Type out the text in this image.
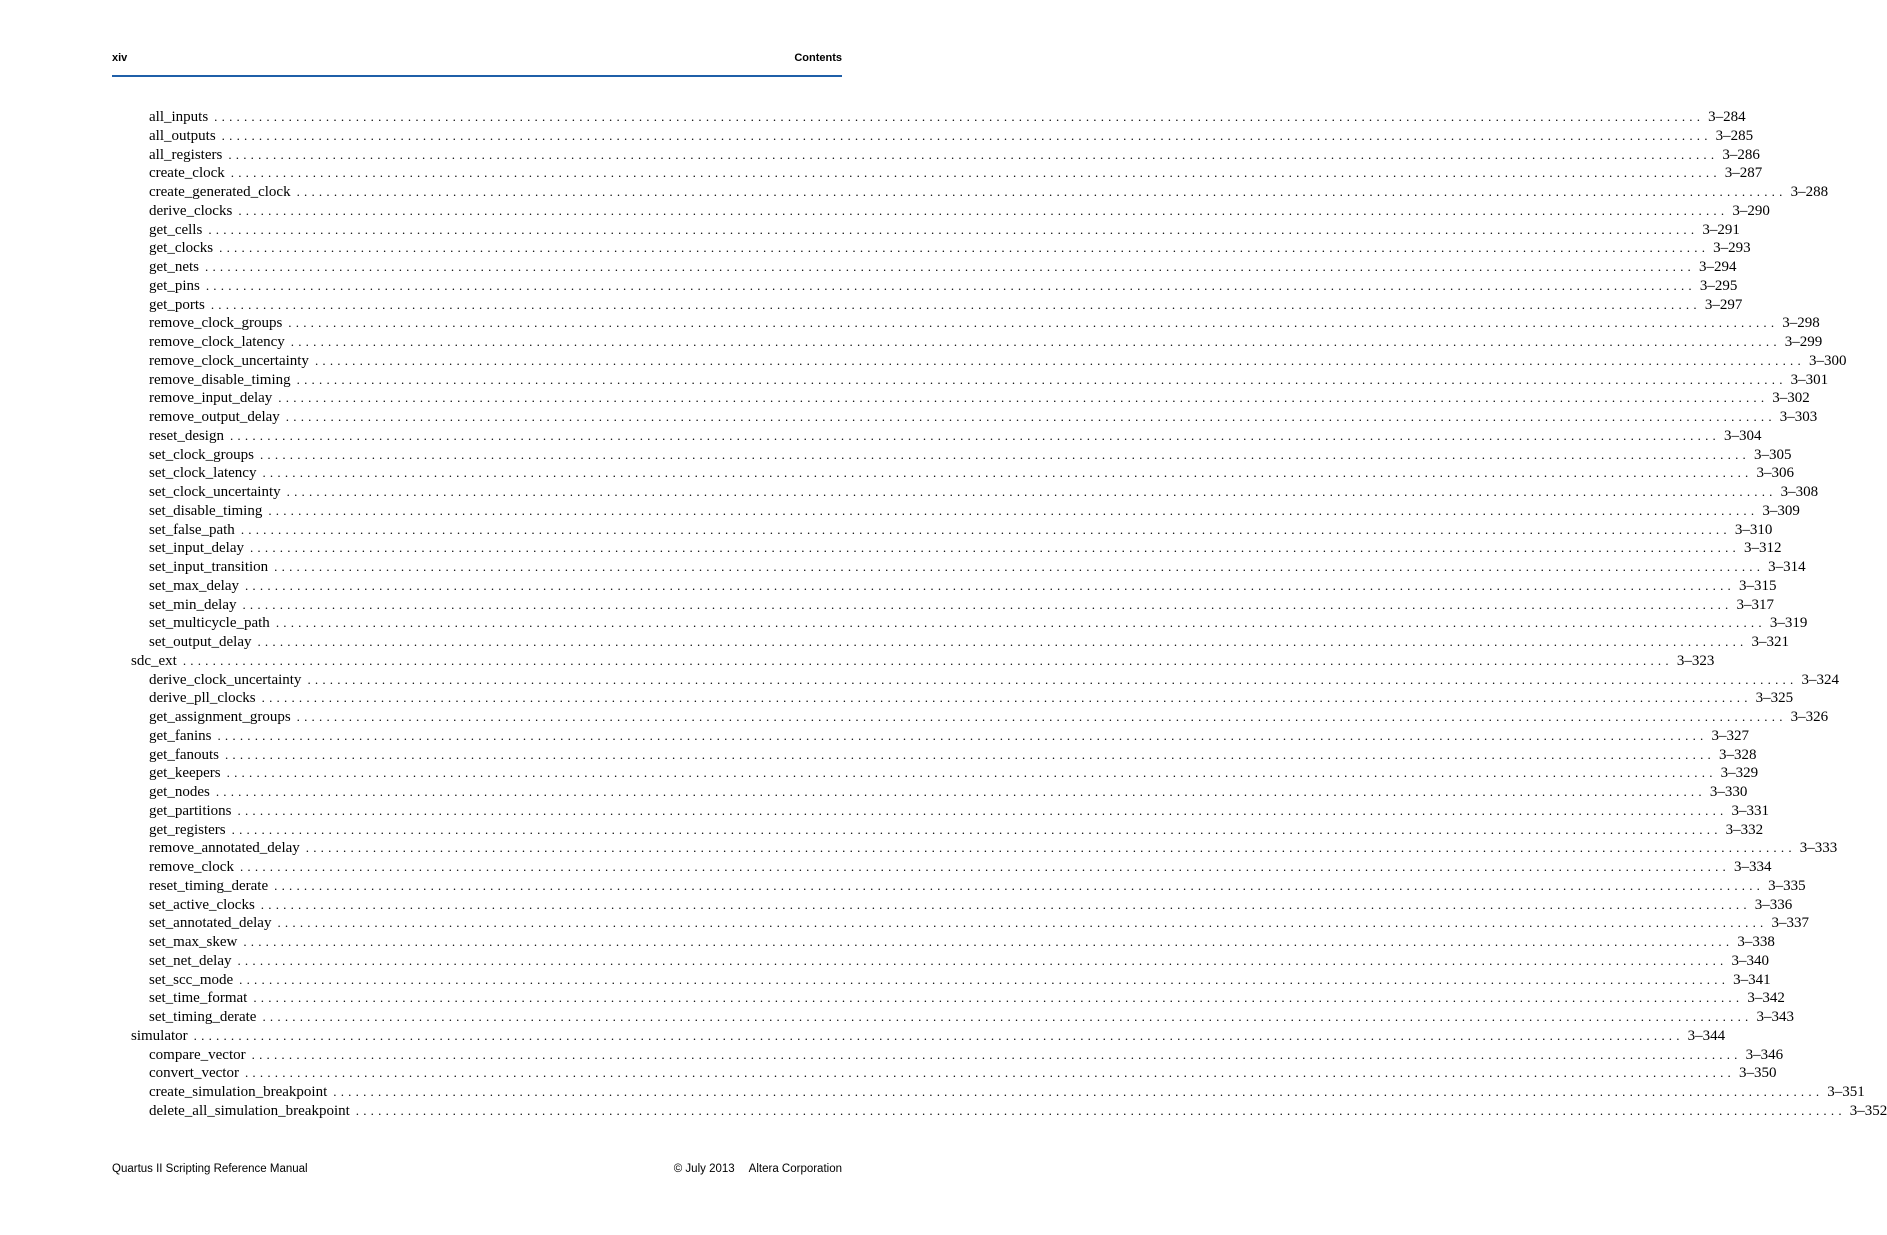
xiv	Contents
all_inputs ........................................................................................................................................................................................................ 3–284
all_outputs ........................................................................................................................................................................................................ 3–285
all_registers ........................................................................................................................................................................................................ 3–286
create_clock ........................................................................................................................................................................................................ 3–287
create_generated_clock ........................................................................................................................................................................................................ 3–288
derive_clocks ........................................................................................................................................................................................................ 3–290
get_cells ........................................................................................................................................................................................................ 3–291
get_clocks ........................................................................................................................................................................................................ 3–293
get_nets ........................................................................................................................................................................................................ 3–294
get_pins ........................................................................................................................................................................................................ 3–295
get_ports ........................................................................................................................................................................................................ 3–297
remove_clock_groups ........................................................................................................................................................................................................ 3–298
remove_clock_latency ........................................................................................................................................................................................................ 3–299
remove_clock_uncertainty ........................................................................................................................................................................................................ 3–300
remove_disable_timing ........................................................................................................................................................................................................ 3–301
remove_input_delay ........................................................................................................................................................................................................ 3–302
remove_output_delay ........................................................................................................................................................................................................ 3–303
reset_design ........................................................................................................................................................................................................ 3–304
set_clock_groups ........................................................................................................................................................................................................ 3–305
set_clock_latency ........................................................................................................................................................................................................ 3–306
set_clock_uncertainty ........................................................................................................................................................................................................ 3–308
set_disable_timing ........................................................................................................................................................................................................ 3–309
set_false_path ........................................................................................................................................................................................................ 3–310
set_input_delay ........................................................................................................................................................................................................ 3–312
set_input_transition ........................................................................................................................................................................................................ 3–314
set_max_delay ........................................................................................................................................................................................................ 3–315
set_min_delay ........................................................................................................................................................................................................ 3–317
set_multicycle_path ........................................................................................................................................................................................................ 3–319
set_output_delay ........................................................................................................................................................................................................ 3–321
sdc_ext ........................................................................................................................................................................................................ 3–323
derive_clock_uncertainty ........................................................................................................................................................................................................ 3–324
derive_pll_clocks ........................................................................................................................................................................................................ 3–325
get_assignment_groups ........................................................................................................................................................................................................ 3–326
get_fanins ........................................................................................................................................................................................................ 3–327
get_fanouts ........................................................................................................................................................................................................ 3–328
get_keepers ........................................................................................................................................................................................................ 3–329
get_nodes ........................................................................................................................................................................................................ 3–330
get_partitions ........................................................................................................................................................................................................ 3–331
get_registers ........................................................................................................................................................................................................ 3–332
remove_annotated_delay ........................................................................................................................................................................................................ 3–333
remove_clock ........................................................................................................................................................................................................ 3–334
reset_timing_derate ........................................................................................................................................................................................................ 3–335
set_active_clocks ........................................................................................................................................................................................................ 3–336
set_annotated_delay ........................................................................................................................................................................................................ 3–337
set_max_skew ........................................................................................................................................................................................................ 3–338
set_net_delay ........................................................................................................................................................................................................ 3–340
set_scc_mode ........................................................................................................................................................................................................ 3–341
set_time_format ........................................................................................................................................................................................................ 3–342
set_timing_derate ........................................................................................................................................................................................................ 3–343
simulator ........................................................................................................................................................................................................ 3–344
compare_vector ........................................................................................................................................................................................................ 3–346
convert_vector ........................................................................................................................................................................................................ 3–350
create_simulation_breakpoint ........................................................................................................................................................................................................ 3–351
delete_all_simulation_breakpoint ........................................................................................................................................................................................................ 3–352
Quartus II Scripting Reference Manual	© July 2013 Altera Corporation
